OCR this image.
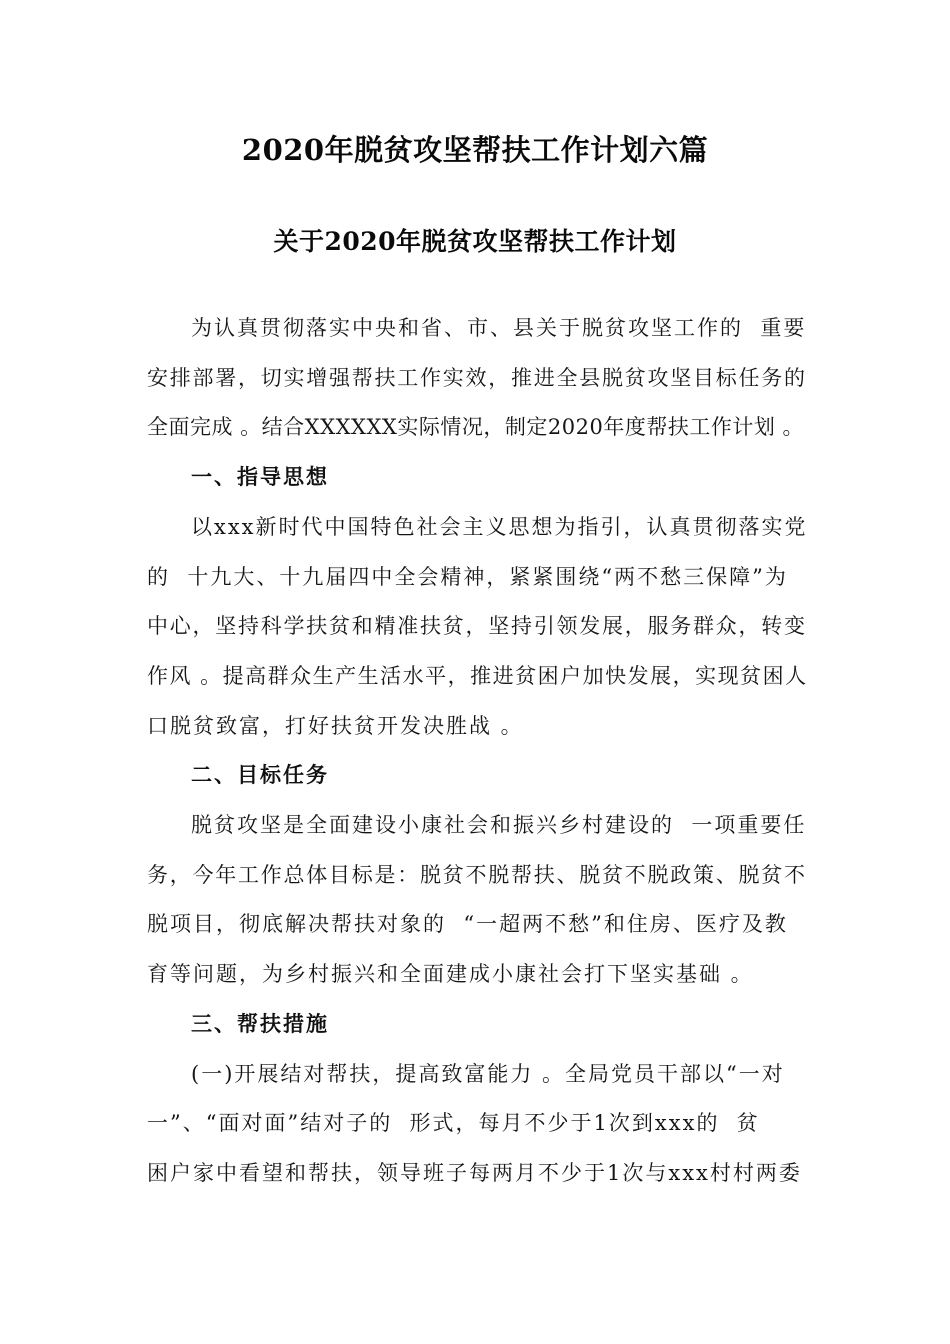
2020年脱贫攻坚帮扶工作计划六篇
关于2020年脱贫攻坚帮扶工作计划
为认真贯彻落实中央和省、市、县关于脱贫攻坚工作的  重要
安排部署，切实增强帮扶工作实效，推进全县脱贫攻坚目标任务的
全面完成 。结合XXXXXX实际情况，制定2020年度帮扶工作计划 。
一、指导思想
以xxx新时代中国特色社会主义思想为指引，认真贯彻落实党
的  十九大、十九届四中全会精神，紧紧围绕“两不愁三保障”为
中心，坚持科学扶贫和精准扶贫，坚持引领发展，服务群众，转变
作风 。提高群众生产生活水平，推进贫困户加快发展，实现贫困人
口脱贫致富，打好扶贫开发决胜战 。
二、目标任务
脱贫攻坚是全面建设小康社会和振兴乡村建设的  一项重要任
务，今年工作总体目标是：脱贫不脱帮扶、脱贫不脱政策、脱贫不
脱项目，彻底解决帮扶对象的  “一超两不愁”和住房、医疗及教
育等问题，为乡村振兴和全面建成小康社会打下坚实基础 。
三、帮扶措施
(一)开展结对帮扶，提高致富能力 。全局党员干部以“一对
一”、“面对面”结对子的  形式，每月不少于1次到xxx的  贫
困户家中看望和帮扶，领导班子每两月不少于1次与xxx村村两委
